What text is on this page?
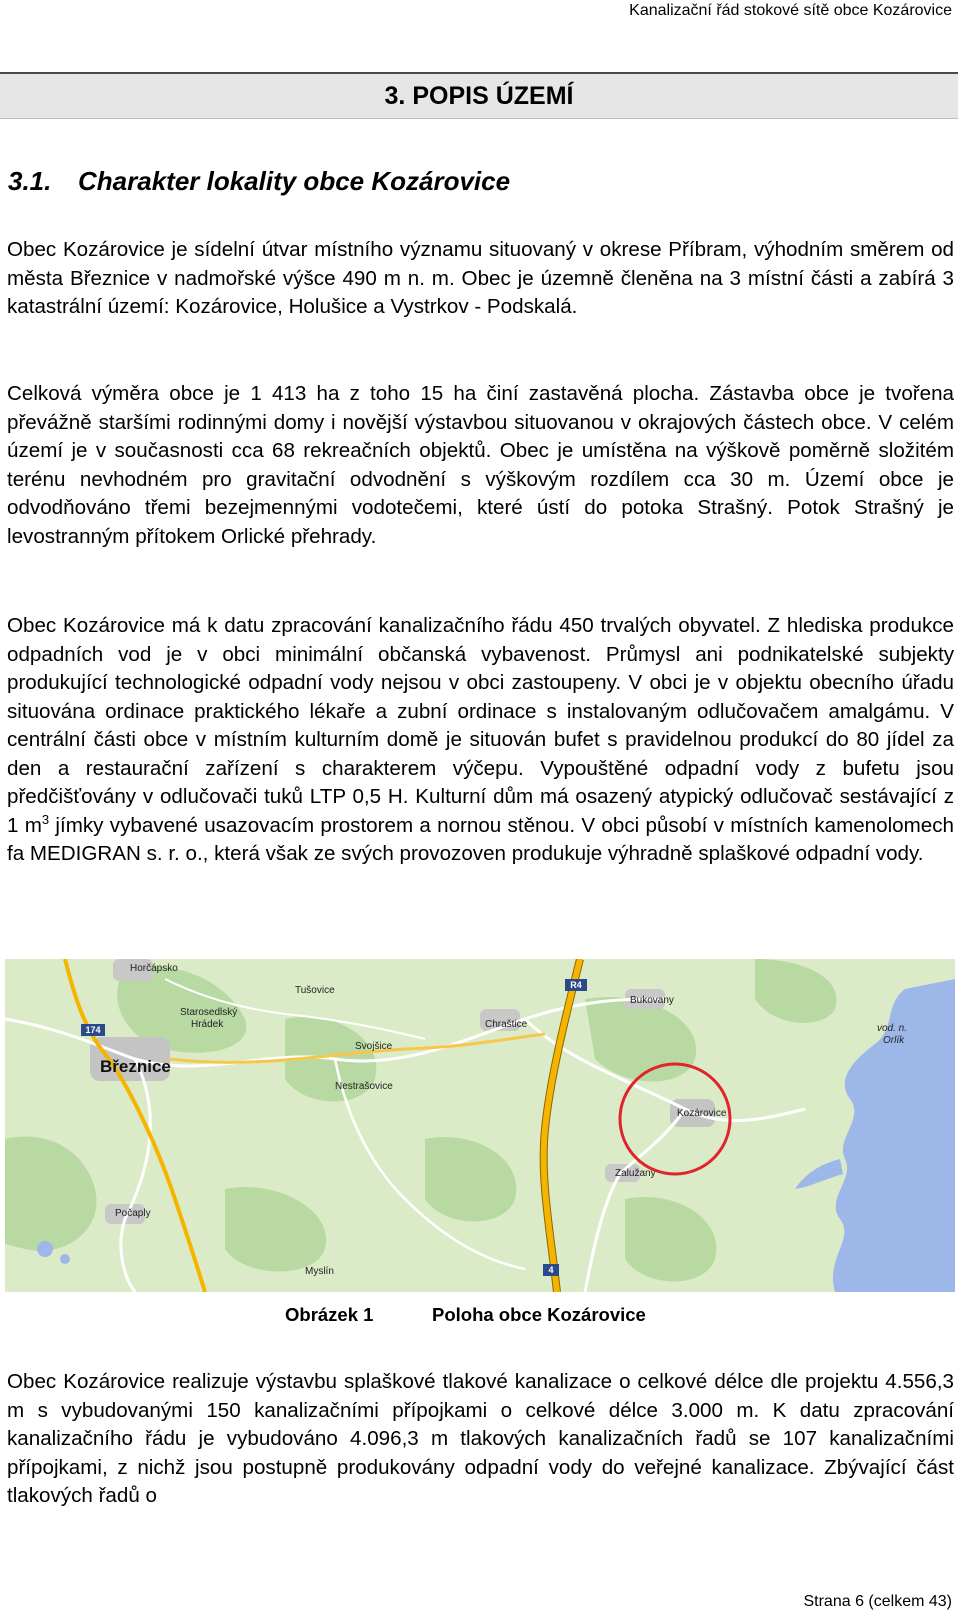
Kanalizační řád stokové sítě obce Kozárovice
3. POPIS ÚZEMÍ
3.1. Charakter lokality obce Kozárovice

Obec Kozárovice je sídelní útvar místního významu situovaný v okrese Příbram, výhodním směrem od města Březnice v nadmořské výšce 490 m n. m. Obec je územně členěna na 3 místní části a zabírá 3 katastrální území: Kozárovice, Holušice a Vystrkov - Podskalá.

Celková výměra obce je 1 413 ha z toho 15 ha činí zastavěná plocha. Zástavba obce je tvořena převážně staršími rodinnými domy i novější výstavbou situovanou v okrajových částech obce. V celém území je v současnosti cca 68 rekreačních objektů. Obec je umístěna na výškově poměrně složitém terénu nevhodném pro gravitační odvodnění s výškovým rozdílem cca 30 m. Území obce je odvodňováno třemi bezejmennými vodotečemi, které ústí do potoka Strašný. Potok Strašný je levostranným přítokem Orlické přehrady.

Obec Kozárovice má k datu zpracování kanalizačního řádu 450 trvalých obyvatel. Z hlediska produkce odpadních vod je v obci minimální občanská vybavenost. Průmysl ani podnikatelské subjekty produkující technologické odpadní vody nejsou v obci zastoupeny. V obci je v objektu obecního úřadu situována ordinace praktického lékaře a zubní ordinace s instalovaným odlučovačem amalgámu. V centrální části obce v místním kulturním domě je situován bufet s pravidelnou produkcí do 80 jídel za den a restaurační zařízení s charakterem výčepu. Vypouštěné odpadní vody z bufetu jsou předčišťovány v odlučovači tuků LTP 0,5 H. Kulturní dům má osazený atypický odlučovač sestávající z 1 $m^3$ jímky vybavené usazovacím prostorem a nornou stěnou. V obci působí v místních kamenolomech fa MEDIGRAN s. r. o., která však ze svých provozoven produkuje výhradně splaškové odpadní vody.

R4
174
4
Horčápsko
Tušovice
Starosedlský
Hrádek	Chraštice
Bukovany
Svojšice
Březnice
Nestrašovice
Kozárovice
Zalužany
Počaply
Myslín
vod. n.
Orlík
Obrázek 1	Poloha obce Kozárovice

Obec Kozárovice realizuje výstavbu splaškové tlakové kanalizace o celkové délce dle projektu 4.556,3 m s vybudovanými 150 kanalizačními přípojkami o celkové délce 3.000 m. K datu zpracování kanalizačního řádu je vybudováno 4.096,3 m tlakových kanalizačních řadů se 107 kanalizačními přípojkami, z nichž jsou postupně produkovány odpadní vody do veřejné kanalizace. Zbývající část tlakových řadů o

Strana 6 (celkem 43)
